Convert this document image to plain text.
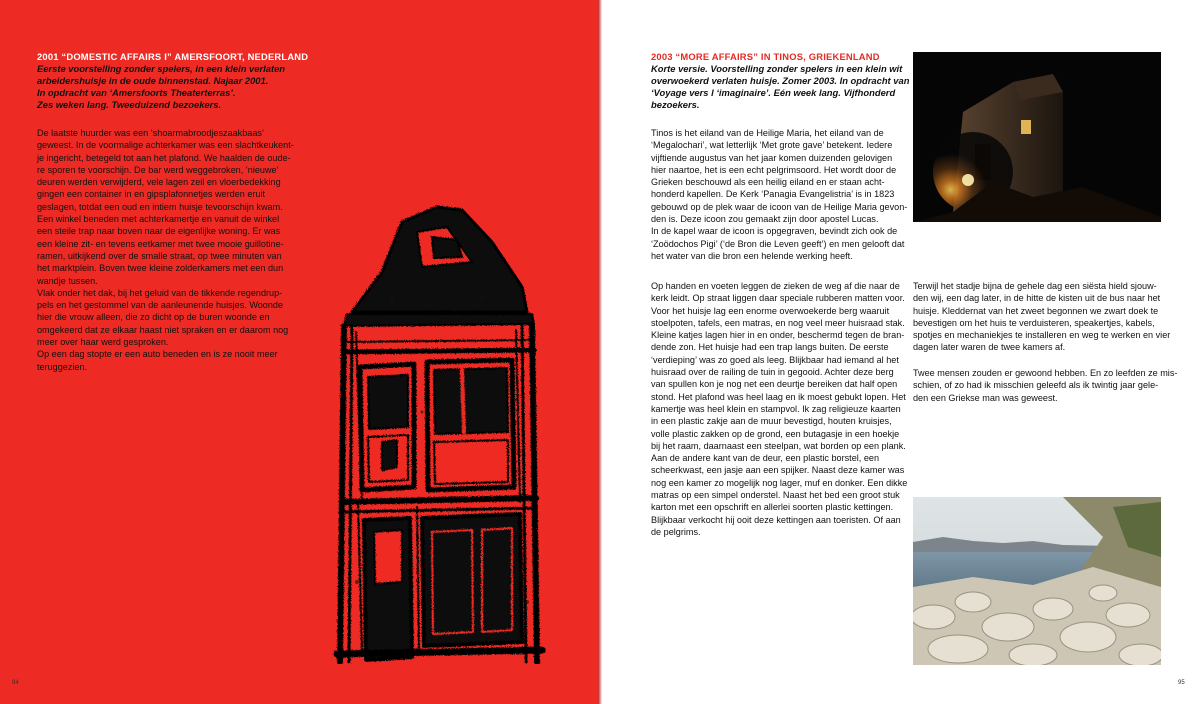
2001 “DOMESTIC AFFAIRS I” AMERSFOORT, NEDERLAND
Eerste voorstelling zonder spelers, in een klein verlaten
arbeidershuisje in de oude binnenstad. Najaar 2001.
In opdracht van ‘Amersfoorts Theaterterras’.
Zes weken lang. Tweeduizend bezoekers.
De laatste huurder was een ‘shoarmabroodjeszaakbaas’
geweest. In de voormalige achterkamer was een slachtkeukent-
je ingericht, betegeld tot aan het plafond. We haalden de oude-
re sporen te voorschijn. De bar werd weggebroken, ‘nieuwe’
deuren werden verwijderd, vele lagen zeil en vloerbedekking
gingen een container in en gipsplafonnetjes werden eruit
geslagen, totdat een oud en intiem huisje tevoorschijn kwam.
Een winkel beneden met achterkamertje en vanuit de winkel
een steile trap naar boven naar de eigenlijke woning. Er was
een kleine zit- en tevens eetkamer met twee mooie guillotine-
ramen, uitkijkend over de smalle straat, op twee minuten van
het marktplein. Boven twee kleine zolderkamers met een dun
wandje tussen.
Vlak onder het dak, bij het geluid van de tikkende regendrup-
pels en het gestommel van de aanleunende huisjes. Woonde
hier die vrouw alleen, die zo dicht op de buren woonde en
omgekeerd dat ze elkaar haast niet spraken en er daarom nog
meer over haar werd gesproken.
Op een dag stopte er een auto beneden en is ze nooit meer
teruggezien.
94	95
2003 “MORE AFFAIRS” IN TINOS, GRIEKENLAND
Korte versie. Voorstelling zonder spelers in een klein wit
overwoekerd verlaten huisje. Zomer 2003. In opdracht van
‘Voyage vers l ‘imaginaire’. Eén week lang. Vijfhonderd
bezoekers.
Tinos is het eiland van de Heilige Maria, het eiland van de
‘Megalochari’, wat letterlijk ‘Met grote gave’ betekent. Iedere
vijftiende augustus van het jaar komen duizenden gelovigen
hier naartoe, het is een echt pelgrimsoord. Het wordt door de
Grieken beschouwd als een heilig eiland en er staan acht-
honderd kapellen. De Kerk ‘Panagia Evangelistria’ is in 1823
gebouwd op de plek waar de icoon van de Heilige Maria gevon-
den is. Deze icoon zou gemaakt zijn door apostel Lucas.
In de kapel waar de icoon is opgegraven, bevindt zich ook de
‘Zoödochos Pigi’ (‘de Bron die Leven geeft’) en men gelooft dat
het water van die bron een helende werking heeft.
Op handen en voeten leggen de zieken de weg af die naar de
kerk leidt. Op straat liggen daar speciale rubberen matten voor.
Voor het huisje lag een enorme overwoekerde berg waaruit
stoelpoten, tafels, een matras, en nog veel meer huisraad stak.
Kleine katjes lagen hier in en onder, beschermd tegen de bran-
dende zon. Het huisje had een trap langs buiten. De eerste
‘verdieping’ was zo goed als leeg. Blijkbaar had iemand al het
huisraad over de railing de tuin in gegooid. Achter deze berg
van spullen kon je nog net een deurtje bereiken dat half open
stond. Het plafond was heel laag en ik moest gebukt lopen. Het
kamertje was heel klein en stampvol. Ik zag religieuze kaarten
in een plastic zakje aan de muur bevestigd, houten kruisjes,
volle plastic zakken op de grond, een butagasje in een hoekje
bij het raam, daarnaast een steelpan, wat borden op een plank.
Aan de andere kant van de deur, een plastic borstel, een
scheerkwast, een jasje aan een spijker. Naast deze kamer was
nog een kamer zo mogelijk nog lager, muf en donker. Een dikke
matras op een simpel onderstel. Naast het bed een groot stuk
karton met een opschrift en allerlei soorten plastic kettingen.
Blijkbaar verkocht hij ooit deze kettingen aan toeristen. Of aan
de pelgrims.
Terwijl het stadje bijna de gehele dag een siësta hield sjouw-
den wij, een dag later, in de hitte de kisten uit de bus naar het
huisje. Kleddernat van het zweet begonnen we zwart doek te
bevestigen om het huis te verduisteren, speakertjes, kabels,
spotjes en mechaniekjes te installeren en weg te werken en vier
dagen later waren de twee kamers af.
Twee mensen zouden er gewoond hebben. En zo leefden ze mis-
schien, of zo had ik misschien geleefd als ik twintig jaar gele-
den een Griekse man was geweest.
